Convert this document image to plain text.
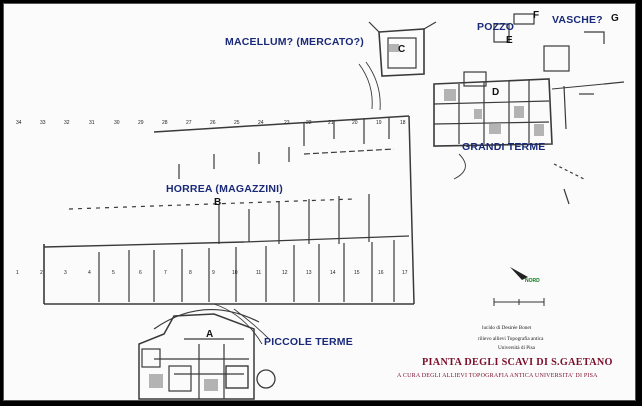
34	33	32	31	30	29	28	27	26	25	24	23	22	21	20	19	18
1	2	3	4	5	6	7	8	9	10	11	12	13	14	15	16	17
MACELLUM? (MERCATO?)
POZZO
VASCHE?
GRANDI TERME
HORREA (MAGAZZINI)
PICCOLE TERME
A
B
C
D
E
F	G
NORD
lucido di Desirée Bonet
rilievo allievi Topografia antica
Università di Pisa
PIANTA DEGLI SCAVI DI S.GAETANO
A CURA DEGLI ALLIEVI TOPOGRAFIA ANTICA UNIVERSITA' DI PISA
